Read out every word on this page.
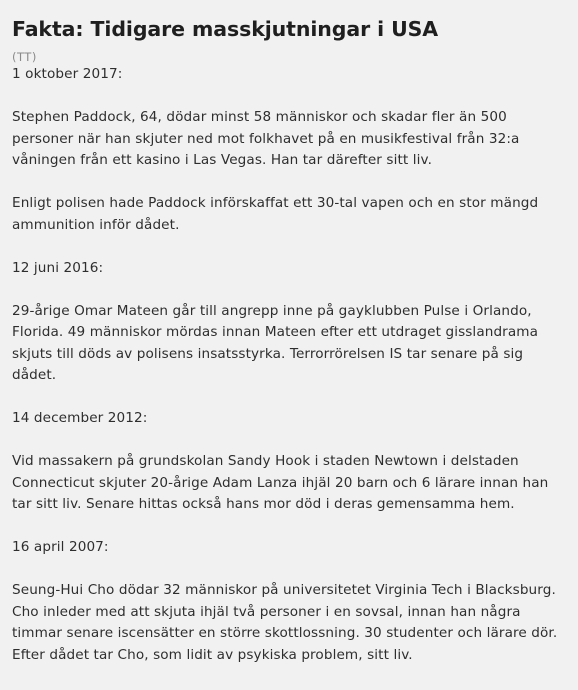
Fakta: Tidigare masskjutningar i USA
(TT)

1 oktober 2017:

Stephen Paddock, 64, dödar minst 58 människor och skadar fler än 500 personer när han skjuter ned mot folkhavet på en musikfestival från 32:a våningen från ett kasino i Las Vegas. Han tar därefter sitt liv.

Enligt polisen hade Paddock införskaffat ett 30-tal vapen och en stor mängd ammunition inför dådet.

12 juni 2016:

29-årige Omar Mateen går till angrepp inne på gayklubben Pulse i Orlando, Florida. 49 människor mördas innan Mateen efter ett utdraget gisslandrama skjuts till döds av polisens insatsstyrka. Terrorrörelsen IS tar senare på sig dådet.

14 december 2012:

Vid massakern på grundskolan Sandy Hook i staden Newtown i delstaden Connecticut skjuter 20-årige Adam Lanza ihjäl 20 barn och 6 lärare innan han tar sitt liv. Senare hittas också hans mor död i deras gemensamma hem.

16 april 2007:

Seung-Hui Cho dödar 32 människor på universitetet Virginia Tech i Blacksburg. Cho inleder med att skjuta ihjäl två personer i en sovsal, innan han några timmar senare iscensätter en större skottlossning. 30 studenter och lärare dör. Efter dådet tar Cho, som lidit av psykiska problem, sitt liv.
